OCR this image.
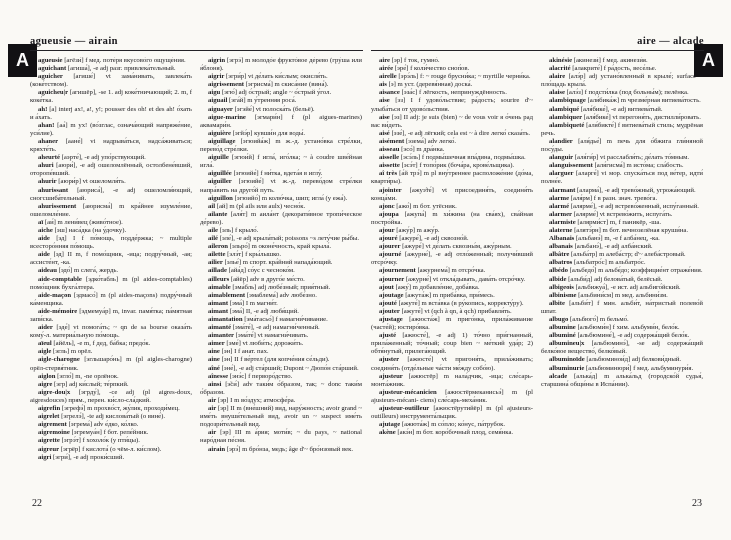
A	A
agueusie — airain

agueusie [агёзи́] f мед. поте́ря вкусово́го ощуще́ния.

aguichant [агиша́], -e adj разг. привлека́тельный.

aguicher [агише́] vt зама́нивать, завлека́ть (коке́тством).

aguicheu|r [агишёр], -se 1. adj коке́тничающий; 2. m, f коке́тка.

ah! [а] interj ах!, а!, у!; pousser des oh! et des ah! о́хать и а́хать.

ahan! [аа́] m ух! (во́зглас, означа́ющий напряже́ние, уси́лие).

ahaner [аане́] vi надрыва́ться, надса́живаться; кряхте́ть.

aheurté [аэрте́], -e adj упо́рствующий.

ahuri [аюри́], -e adj ошеломлённый, остолбене́вший, оторопе́вший.

ahurir [аюри́р] vt ошеломля́ть.

ahurissant [аюриса́], -e adj ошеломля́ющий, сногсшиба́тельный.

ahurissement [аюрисма́] m кра́йнее изумле́ние, ошеломле́ние.

aï [аи́] m лени́вец (живо́тное).

aiche [эш] наса́дка (на у́дочку).

aide [эд] I f по́мощь, подде́ржка; ~ multiple всесторо́нняя по́мощь.

aide [эд] II m, f помо́щник, -ица; подру́чный, -ая; ассисте́нт, -ка.

aideau [эдо́] m слега́, жердь.

aide-comptable [эдко́табль] m (pl aides-comptables) помо́щник бухга́лтера.

aide-maçon [эдмасо́] m (pl aides-maçons) подру́чный ка́менщика.

aide-mémoire [эдмемуа́р] m, invar. памя́тка; па́мятная запи́ска.

aider [эде́] vt помога́ть; ~ qn de sa bourse оказа́ть кому́-л. материа́льную по́мощь.

aïeul [айёль], -e m, f дед, ба́бка; предо́к.

aigle [эгль] m орёл.

aigle-charogne [эгльшаро́нь] m (pl aigles-charogne) орёл-стервя́тник.

aiglon [эгло́] m, -ne орлёнок.

aigre [эгр] adj ки́слый; те́рпкий.

aigre-dou|x [эгрду́], -ce adj (pl aigres-doux, aigresdouces) прям., перен. ки́сло-сла́дкий.

aigrefin [эгрефэ́] m прохво́ст, жу́лик, проходи́мец.

aigrelet [эгрелэ́], -te adj кислова́тый (о вине́).

aigrement [эгрема́] adv е́дко, ко́лко.

aigremoine [эгремуа́н] f бот. репе́йник.

aigrette [эгрэ́т] f хохоло́к (у пти́цы).

aigreur [эгрёр] f кислота́ (о чём-л. ки́слом).

aigri [эгри́], -e adj проки́сший.

aigrin [эгрэ́] m молодо́е фрукто́вое де́рево (гру́ша или я́блоня).

aigrir [эгри́р] vt де́лать ки́слым; окисля́ть.

aigrissement [эгрисма́] m скиса́ние (вина́).

aigu [эгю́] adj о́стрый; angle ~ о́стрый у́гол.

aiguail [эга́й] m у́тренняя роса́.

aiguayer [эгэйе́] vt полоска́ть (бельё).

aigue-marine [эгмари́н] f (pl aigues-marines) аквамари́н.

aiguière [эгйэ́р] кувши́н для воды́.

aiguillage [эгюийа́ж] m ж.-д. устано́вка стре́лки, перево́д стре́лки.

aiguille [эгюи́й] f игла́, иго́лка; ~ à coudre шве́йная игла́.

aiguillée [эгюийе́] f ни́тка, вдета́я в иглу́.

aiguiller [эгюийе́] vt ж.-д. перево́дом стре́лки напра́вить на друго́й путь.

aiguillon [эгюийо́] m колю́чка, шип; игла́ (у ежа́).

ail [ай] m (pl ails или aulx) чесно́к.

ailante [аля́т] m аила́нт (декорати́вное тропи́ческое де́рево).

aile [эль] f крыло́.

ailé [эле́], -e adj крыла́тый; poissons ~s лету́чие ры́бы.

aileron [эльро́] m оконе́чность, край крыла́.

ailette [элэ́т] f кры́лышко.

ailier [элье́] m спорт. кра́йний напада́ющий.

aillade [айа́д] со́ус с чесноко́м.

ailleurs [айёр] adv в друго́е ме́сто.

aimable [эма́бль] adj любе́зный; прия́тный.

aimablement [эмаблема́] adv любе́зно.

aimant [эма́] I m магни́т.

aimant [эма́] II, -e adj любя́щий.

aimantation [эма́тасьо́] f намагни́чивание.

aimanté [эма́те́], -e adj намагни́ченный.

aimanter [эма́те́] vt намагни́чивать.

aimer [эме́] vt люби́ть; дорожи́ть.

aine [эн] I f анат. пах.

aine [эн] II f ве́ртел (для копче́ния се́льди).

aîné [эне́], -e adj ста́рший; Dupont ~ Дюпо́н ста́рший.

aînesse [энэ́с] f перворо́дство.

ainsi [э̃си́] adv таки́м о́бразом, так; ~ donc таки́м о́бразом.

air [эр] I m во́здух; атмосфе́ра.

air [эр] II m (вне́шний) вид, нару́жность; avoir grand ~ име́ть внуши́тельный вид, avoir un ~ suspect име́ть подозри́тельный вид.

air [эр] III m а́рия; моти́в; ~ du pays, ~ national наро́дная пе́сня.

airain [эрэ́] m бро́нза, медь; âge d'~ бро́нзовый век.

aire — alcade

aire [эр] f ток, гумно́.

airée [эре́] f коли́чество сноп́ов.

airelle [эрэ́ль] f: ~ rouge брусни́ка; ~ myrtille черни́ка.

ais [э] m уст. (деревя́нная) доска́.

aisance [эза́с] f лёгкость, непринуждённость.

aise [эз] I f удово́льствие; ра́дость; sourire d'~ улыба́ться от удово́льствия.

aise [эз] II adj: je suis (bien) ~ de vous voir я о́чень рад вас ви́деть.

aisé [эзе́], -e adj лёгкий; cela est ~ à dire легко́ сказа́ть.

aisément [эзема́] adv легко́.

aisseau [эсо́] m дра́нка.

aisselle [эсэ́ль] f подмы́шечная впа́дина, подмы́шка.

aissette [эсэ́т] f топо́рик (боча́ра, крове́льщика).

aî très [а́й трэ́] m pl вну́треннее расположе́ние (до́ма, кварти́ры).

ajointer [ажуэ̃те́] vt присоединя́ть, соединя́ть конца́ми.

ajonc [ажо́] m бот. утёсник.

ajoupa [ажупа́] m хи́жина (на сва́ях), сва́йная постро́йка.

ajour [ажу́р] m ажу́р.

ajouré [ажуре́], -e adj сквозно́й.

ajourer [ажуре́] vt де́лать сквозны́м, ажу́рным.

ajourné [ажурне́], -e adj отло́женный; получи́вший отсро́чку.

ajournement [ажурнема́] m отсро́чка.

ajourner [ажурне́] vt откла́дывать, дава́ть отсро́чку.

ajout [ажу́] m добавле́ние, доба́вка.

ajoutage [ажута́ж] m приба́вка, при́месь.

ajouté [ажуте́] m вста́вка (в ру́копись, корректу́ру).

ajouter [ажуте́] vt (qch à qn, à qch) прибавля́ть.

ajustage [ажюста́ж] m приго́нка, прила́живание (часте́й); юстиро́вка.

ajusté [ажюсте́], -e adj 1) то́чно при́гнанный, прила́женный; то́чный; coup bien ~ ме́ткий уда́р; 2) обтя́нутый, прилега́ющий.

ajuster [ажюсте́] vt пригоня́ть, прила́живать; соединя́ть (отде́льные ча́сти ме́жду собо́ю).

ajusteur [ажюстёр] m нала́дчик, -ица; сле́сарь-монта́жник.

ajusteur-mécanicien [ажюстёрмеканисьэ́] m (pl ajusteurs-mécani- ciens) сле́сарь-меха́ник.

ajusteur-outilleur [ажюстёрутийёр] m (pl ajusteurs-outilleurs) инструмента́льщик.

ajutage [ажюта́ж] m со́пло; ко́нус, па́трубок.

akène [акэ́н] m бот. коро́бочный плод, семя́нка.

akinésie [акинези́] f мед. акинези́я.

alacrité [алакрите́] f ра́дость, весе́лье.

alaire [алэ́р] adj устано́вленный в крыле́; surface ~ пло́щадь крыла́.

alaise [алэ́з] f подсти́лка (под больны́м); пелёнка.

alambiquage [аля́бика́ж] m чрезме́рная витиева́тость.

alambiqué [аля́бике́], -e adj витиева́тый.

alambiquer [аля́бике́] vt перегоня́ть, дистилли́ровать.

alambiqueté [аля́бикте́] f витиева́тый стиль; мудрёная речь.

alandier [аля́дье́] m печь для о́бжига гли́няной посу́ды.

alanguir [аля́ги́р] vt расслабля́ть; де́лать то́мным.

alanguissement [аля́гисма́] m исто́ма; сла́бость.

alarguer [аларге́] vi мор. спуска́ться под ве́тер, идти́ полне́е.

alarmant [аларма́], -e adj трево́жный, угрожа́ющий.

alarme [аля́рм] f в разн. знач. трево́га.

alarmé [алярме́], -e adj встрево́женный, испу́ганный.

alarmer [алярме́] vt встрево́жить, испуга́ть.

alarmiste [алярми́ст] m, f паникёр, -ша.

alaterne [алятэ́рн] m бот. вечнозелёная круши́на.

Albanais [альбанэ́] m, -e f алба́нец, -ка.

albanais [альбанэ́], -e adj алба́нский.

albâtre [альба́тр] m алеба́стр; d'~ алеба́стровый.

albatros [альбатро́с] m альбатро́с.

albédo [альбедо́] m альбе́до; коэффицие́нт отраже́ния.

albide [альби́д] adj белова́тый, белёсый.

albigeois [альбижуа́], -e ист. adj альбиго́йский.

albinisme [альбини́см] m мед. альбини́зм.

albite [альби́т] f мин. альби́т, на́тристый полево́й шпат.

albugo [альбюго́] m бельмо́.

albumine [альбюми́н] f хим. альбуми́н, бело́к.

albuminé [альбюмине́], -e adj содержа́щий бело́к.

albumineu|x [альбюминэ́], -se adj содержа́щий белко́вое вещество́, белко́вый.

albuminoïde [альбюминои́д] adj белкови́дный.

albuminurie [альбюминюри́] f мед. альбуминури́я.

alcade [алька́д] m алька́льд (городско́й судья́, старшина́ общи́ны в Испа́нии).

22	23
